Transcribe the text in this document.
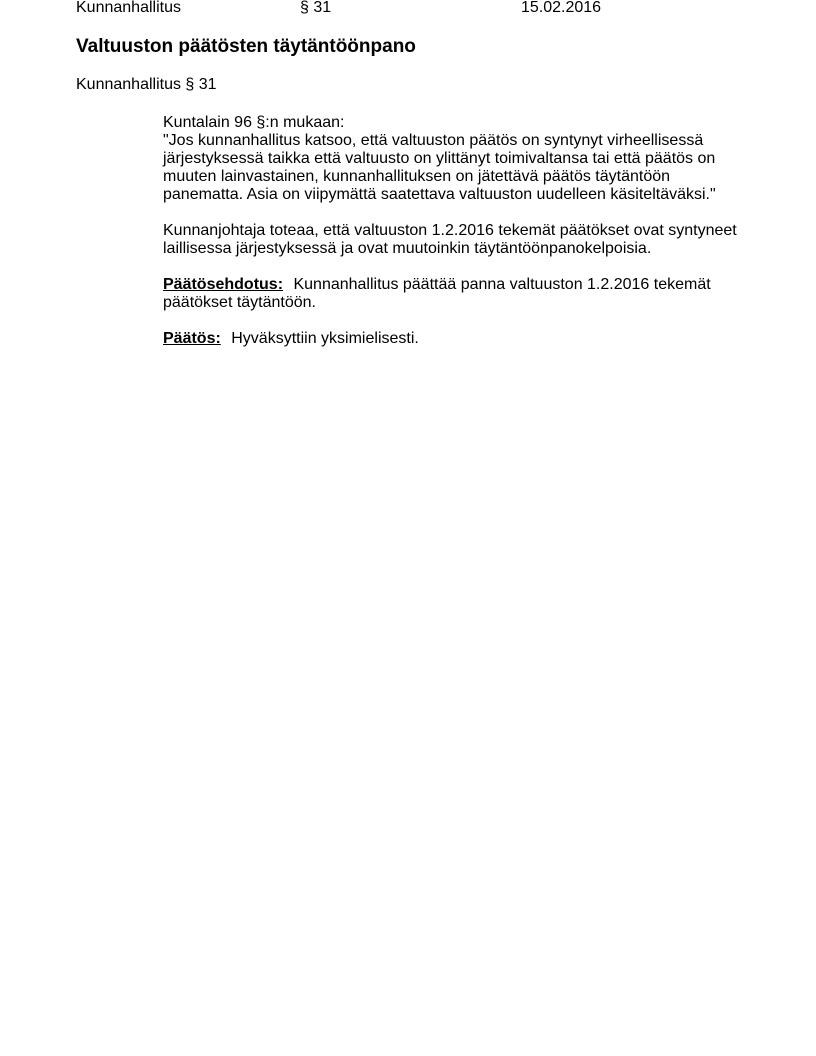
Kunnanhallitus	§ 31	15.02.2016
Valtuuston päätösten täytäntöönpano

Kunnanhallitus § 31

Kuntalain 96 §:n mukaan:

"Jos kunnanhallitus katsoo, että valtuuston päätös on syntynyt virheellisessä

järjestyksessä taikka että valtuusto on ylittänyt toimivaltansa tai että päätös on

muuten lainvastainen, kunnanhallituksen on jätettävä päätös täytäntöön

panematta. Asia on viipymättä saatettava valtuuston uudelleen käsiteltäväksi."

Kunnanjohtaja toteaa, että valtuuston 1.2.2016 tekemät päätökset ovat syntyneet

laillisessa järjestyksessä ja ovat muutoinkin täytäntöönpanokelpoisia.

Päätösehdotus: Kunnanhallitus päättää panna valtuuston 1.2.2016 tekemät

päätökset täytäntöön.

Päätös: Hyväksyttiin yksimielisesti.
